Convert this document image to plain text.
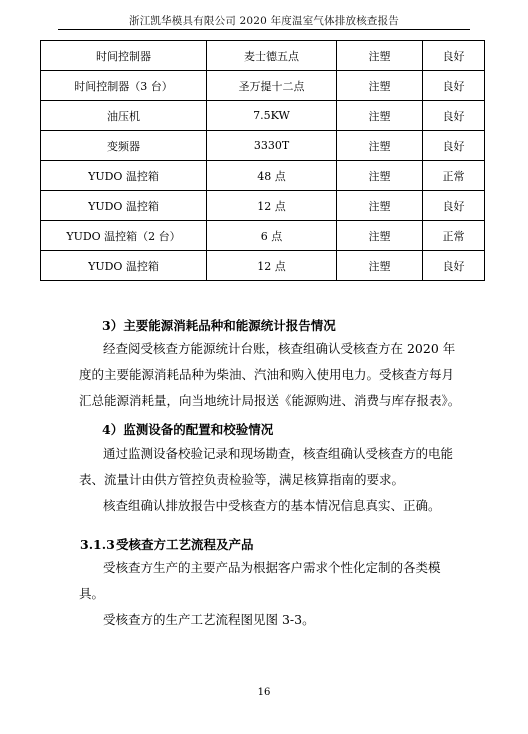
浙江凯华模具有限公司 2020 年度温室气体排放核查报告
时间控制器	麦士德五点	注塑	良好
时间控制器（3 台）	圣万提十二点	注塑	良好
油压机	7.5KW	注塑	良好
变频器	3330T	注塑	良好
YUDO 温控箱	48 点	注塑	正常
YUDO 温控箱	12 点	注塑	良好
YUDO 温控箱（2 台）	6 点	注塑	正常
YUDO 温控箱	12 点	注塑	良好
3）主要能源消耗品种和能源统计报告情况
经查阅受核查方能源统计台账，核查组确认受核查方在 2020 年
度的主要能源消耗品种为柴油、汽油和购入使用电力。受核查方每月
汇总能源消耗量，向当地统计局报送《能源购进、消费与库存报表》。
4）监测设备的配置和校验情况
通过监测设备校验记录和现场勘查，核查组确认受核查方的电能
表、流量计由供方管控负责检验等，满足核算指南的要求。
核查组确认排放报告中受核查方的基本情况信息真实、正确。
3.1.3受核查方工艺流程及产品
受核查方生产的主要产品为根据客户需求个性化定制的各类模
具。
受核查方的生产工艺流程图见图 3-3。
16
